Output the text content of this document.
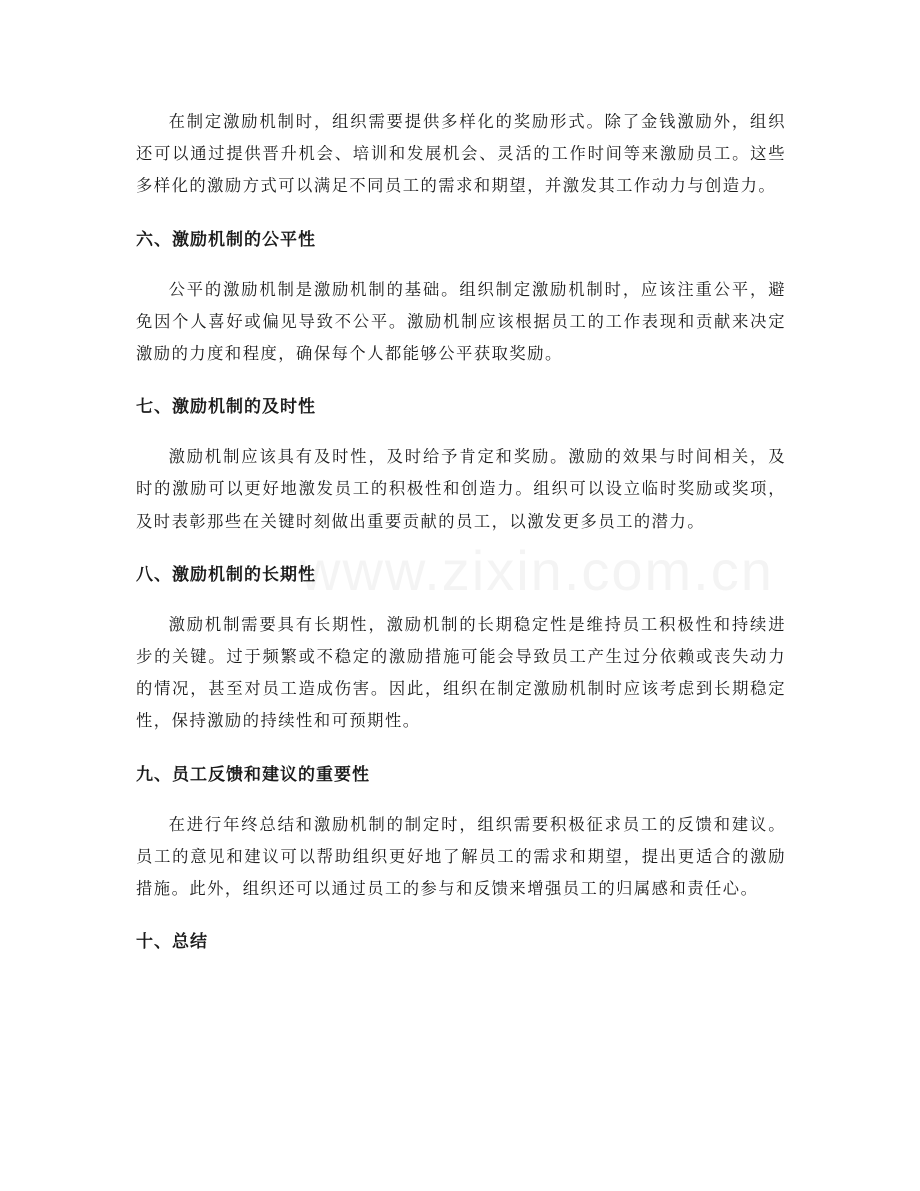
www.zixin.com.cn

在制定激励机制时，组织需要提供多样化的奖励形式。除了金钱激励外，组织还可以通过提供晋升机会、培训和发展机会、灵活的工作时间等来激励员工。这些多样化的激励方式可以满足不同员工的需求和期望，并激发其工作动力与创造力。

六、激励机制的公平性

公平的激励机制是激励机制的基础。组织制定激励机制时，应该注重公平，避免因个人喜好或偏见导致不公平。激励机制应该根据员工的工作表现和贡献来决定激励的力度和程度，确保每个人都能够公平获取奖励。

七、激励机制的及时性

激励机制应该具有及时性，及时给予肯定和奖励。激励的效果与时间相关，及时的激励可以更好地激发员工的积极性和创造力。组织可以设立临时奖励或奖项，及时表彰那些在关键时刻做出重要贡献的员工，以激发更多员工的潜力。

八、激励机制的长期性

激励机制需要具有长期性，激励机制的长期稳定性是维持员工积极性和持续进步的关键。过于频繁或不稳定的激励措施可能会导致员工产生过分依赖或丧失动力的情况，甚至对员工造成伤害。因此，组织在制定激励机制时应该考虑到长期稳定性，保持激励的持续性和可预期性。

九、员工反馈和建议的重要性

在进行年终总结和激励机制的制定时，组织需要积极征求员工的反馈和建议。员工的意见和建议可以帮助组织更好地了解员工的需求和期望，提出更适合的激励措施。此外，组织还可以通过员工的参与和反馈来增强员工的归属感和责任心。

十、总结
